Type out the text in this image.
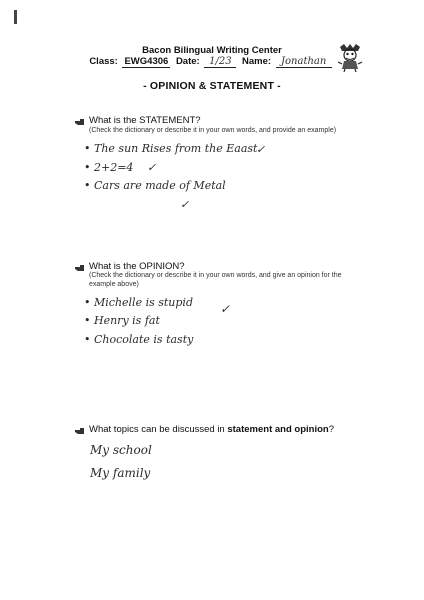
Bacon Bilingual Writing Center
Class: EWG4306 Date: 1/23 Name: Jonathan
- OPINION & STATEMENT -
What is the STATEMENT?
(Check the dictionary or describe it in your own words, and provide an example)
• The sun Rises from the Eaast
✓
• 2+2=4 ✓
• Cars are made of Metal
✓
What is the OPINION?
(Check the dictionary or describe it in your own words, and give an opinion for the
example above)
• Michelle is stupid
• Henry is fat
✓
• Chocolate is tasty
What topics can be discussed in statement and opinion?
My school
My family
